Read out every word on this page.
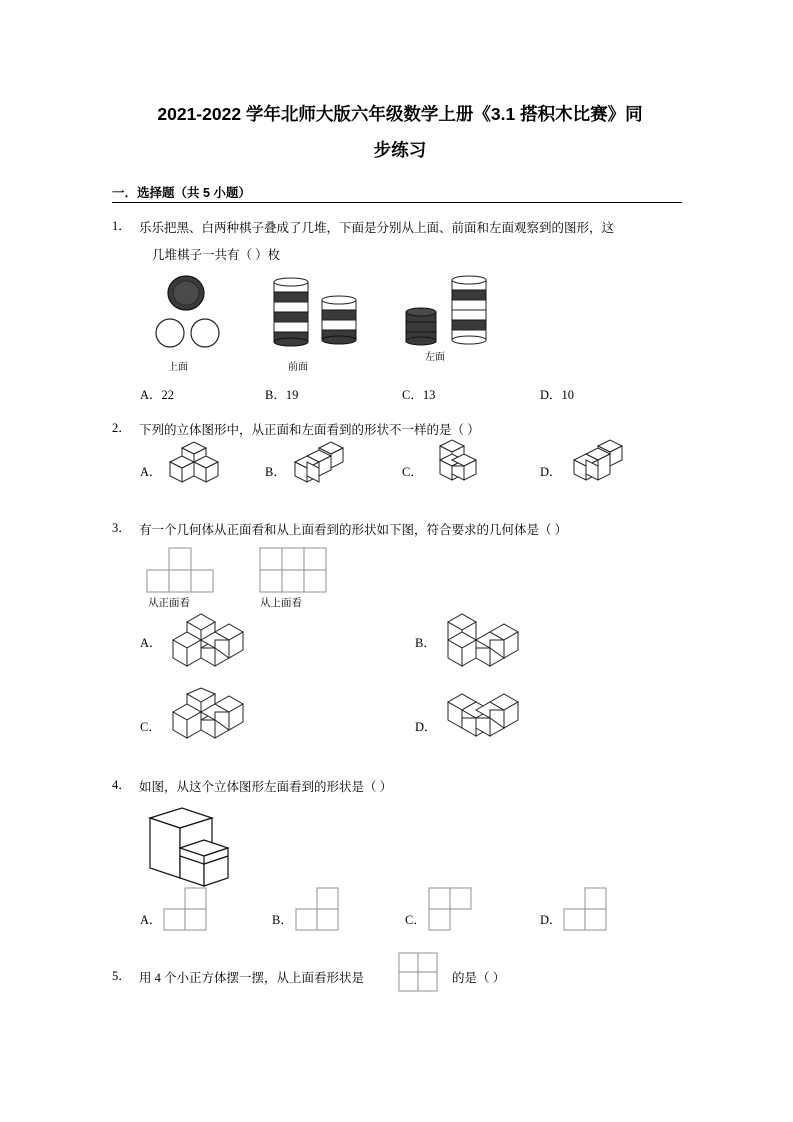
2021-2022 学年北师大版六年级数学上册《3.1 搭积木比赛》同
步练习
一．选择题（共 5 小题）
1． 乐乐把黑、白两种棋子叠成了几堆，下面是分别从上面、前面和左面观察到的图形，这
几堆棋子一共有（ ）枚
上面	前面
左面
A．22	B．19	C．13	D．10
2． 下列的立体图形中，从正面和左面看到的形状不一样的是（ ）
A．	B．	C．	D．
3． 有一个几何体从正面看和从上面看到的形状如下图，符合要求的几何体是（ ）
从正面看	从上面看
A．	B．
C．	D．
4． 如图，从这个立体图形左面看到的形状是（ ）
A．	B．	C．	D．
5． 用 4 个小正方体摆一摆，从上面看形状是	的是（ ）
